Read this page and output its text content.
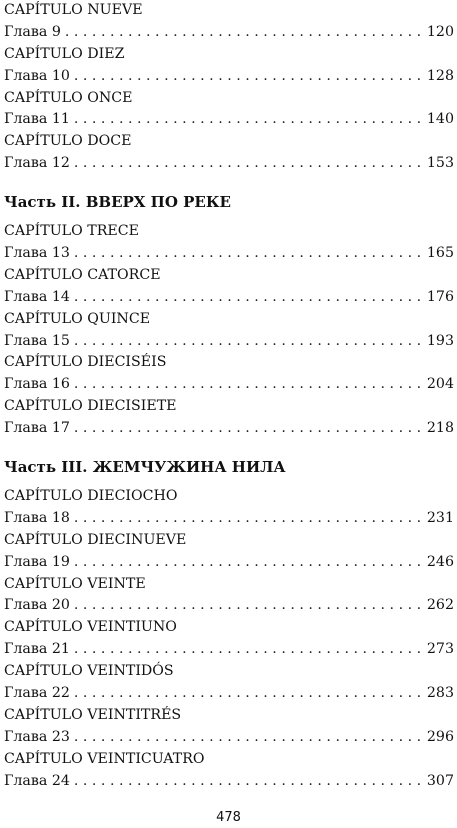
CAPÍTULO NUEVE
Глава 9 . . .	120
CAPÍTULO DIEZ
Глава 10 . . .	128
CAPÍTULO ONCE
Глава 11 . . .	140
CAPÍTULO DOCE
Глава 12 . . .	153
Часть II. ВВЕРХ ПО РЕКЕ
CAPÍTULO TRECE
Глава 13 . . .	165
CAPÍTULO CATORCE
Глава 14 . . .	176
CAPÍTULO QUINCE
Глава 15 . . .	193
CAPÍTULO DIECISÉIS
Глава 16 . . .	204
CAPÍTULO DIECISIETE
Глава 17 . . .	218
Часть III. ЖЕМЧУЖИНА НИЛА
CAPÍTULO DIECIOCHO
Глава 18 . . .	231
CAPÍTULO DIECINUEVE
Глава 19 . . .	246
CAPÍTULO VEINTE
Глава 20 . . .	262
CAPÍTULO VEINTIUNO
Глава 21 . . .	273
CAPÍTULO VEINTIDÓS
Глава 22 . . .	283
CAPÍTULO VEINTITRÉS
Глава 23 . . .	296
CAPÍTULO VEINTICUATRO
Глава 24 . . .	307
478
